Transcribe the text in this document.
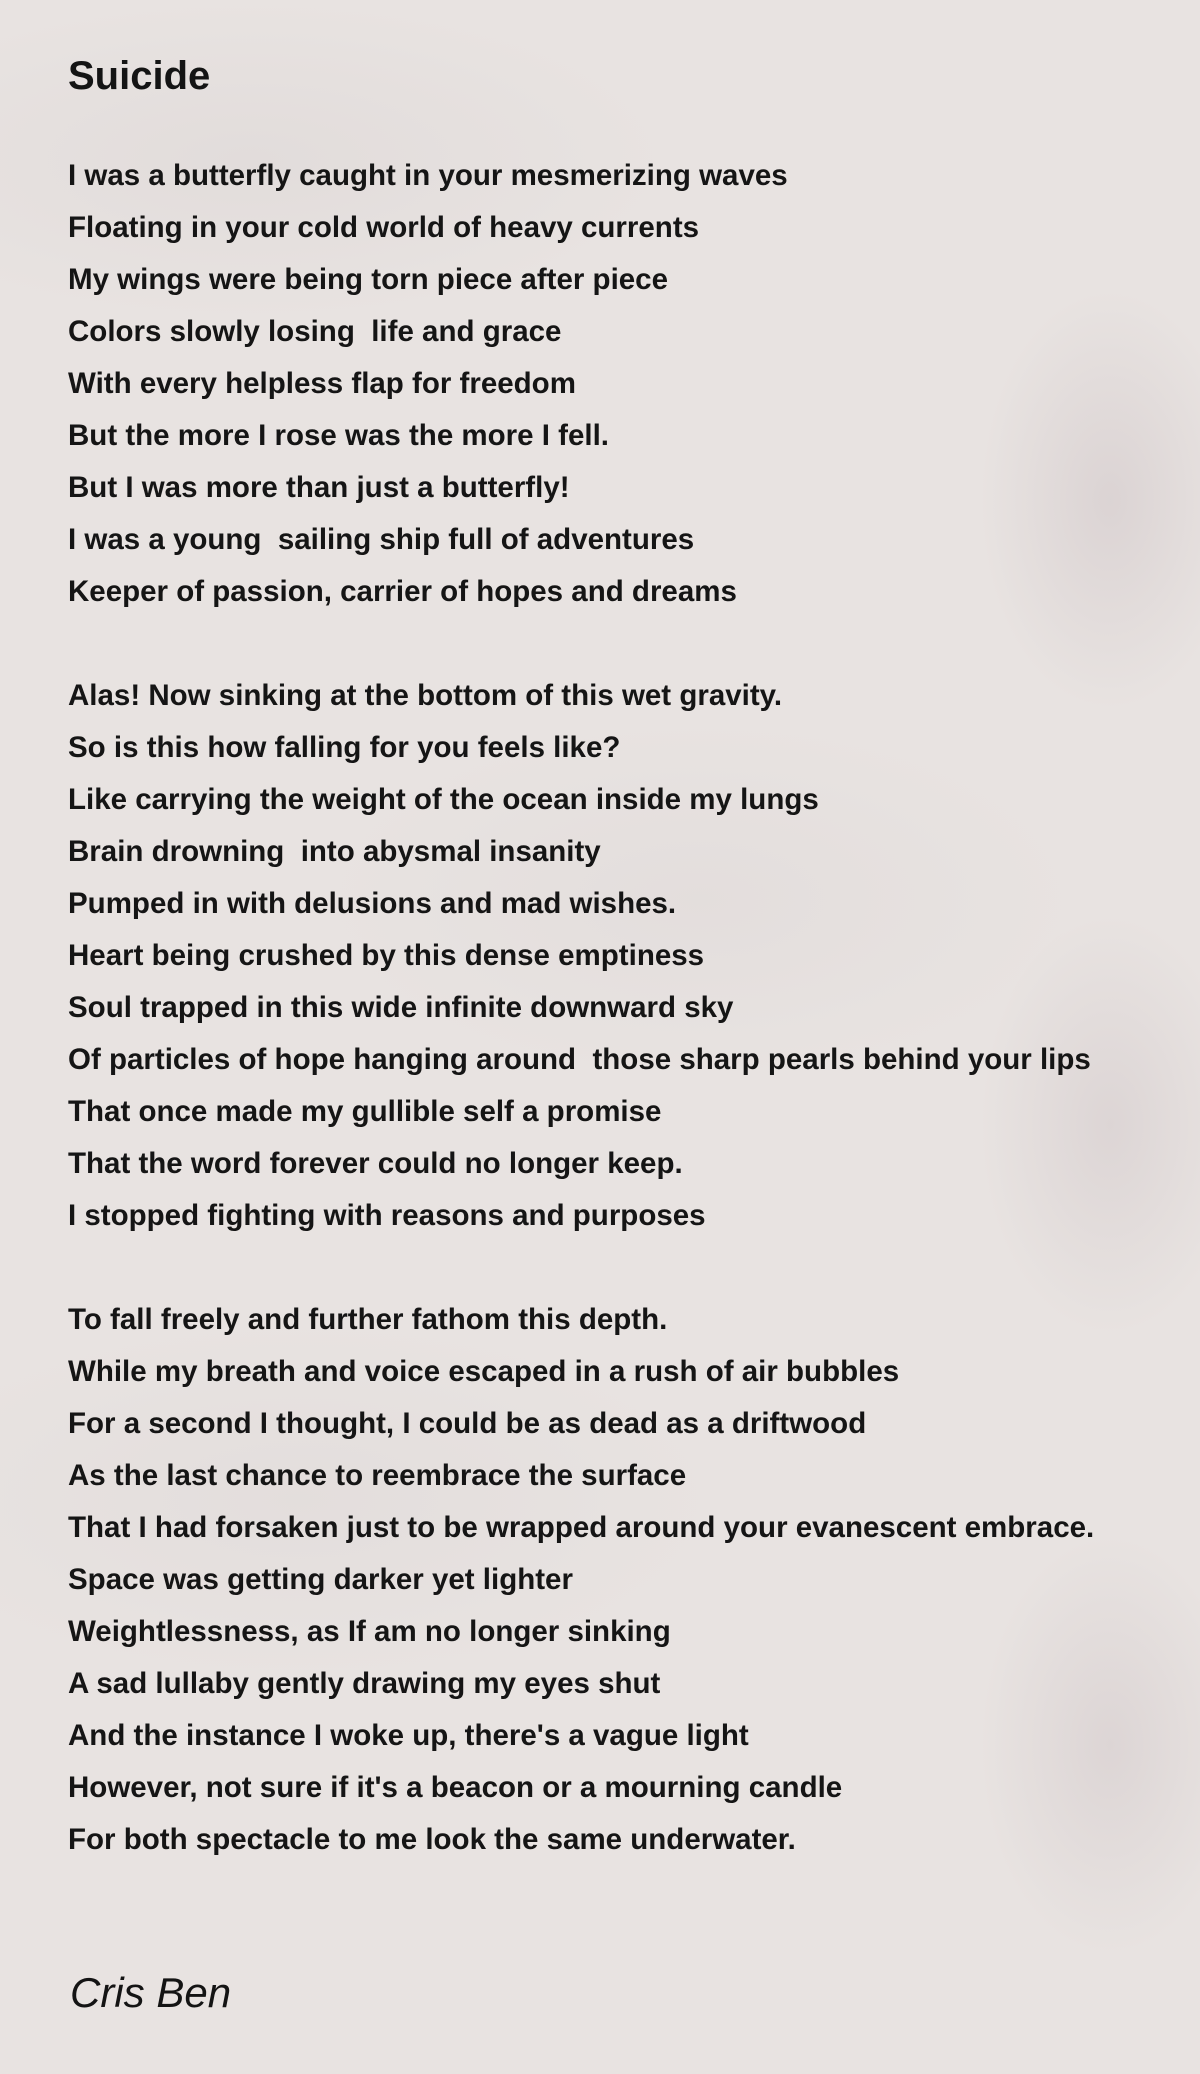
Suicide
I was a butterfly caught in your mesmerizing waves
Floating in your cold world of heavy currents
My wings were being torn piece after piece
Colors slowly losing  life and grace
With every helpless flap for freedom
But the more I rose was the more I fell.
But I was more than just a butterfly!
I was a young  sailing ship full of adventures
Keeper of passion, carrier of hopes and dreams
Alas! Now sinking at the bottom of this wet gravity.
So is this how falling for you feels like?
Like carrying the weight of the ocean inside my lungs
Brain drowning  into abysmal insanity
Pumped in with delusions and mad wishes.
Heart being crushed by this dense emptiness
Soul trapped in this wide infinite downward sky
Of particles of hope hanging around  those sharp pearls behind your lips
That once made my gullible self a promise
That the word forever could no longer keep.
I stopped fighting with reasons and purposes
To fall freely and further fathom this depth.
While my breath and voice escaped in a rush of air bubbles
For a second I thought, I could be as dead as a driftwood
As the last chance to reembrace the surface
That I had forsaken just to be wrapped around your evanescent embrace.
Space was getting darker yet lighter
Weightlessness, as If am no longer sinking
A sad lullaby gently drawing my eyes shut
And the instance I woke up, there's a vague light
However, not sure if it's a beacon or a mourning candle
For both spectacle to me look the same underwater.
Cris Ben
